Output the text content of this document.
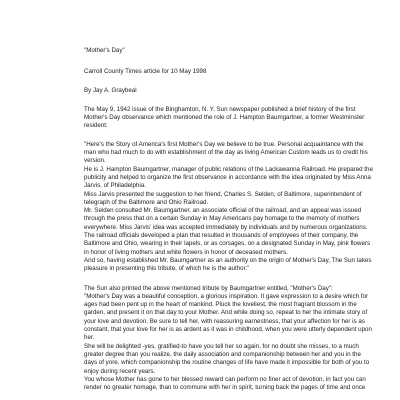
"Mother's Day"

Carroll County Times article for 10 May 1998

By Jay A. Graybeal

The May 9, 1942 issue of the Binghamton, N. Y. Sun newspaper published a brief history of the first Mother's Day observance which mentioned the role of J. Hampton Baumgartner, a former Westminster resident:

"Here's the Story of America's first Mother's Day we believe to be true. Personal acquaintance with the man who had much to do with establishment of the day as living American Custom leads us to credit his version.

He is J. Hampton Baumgartner, manager of public relations of the Lackawanna Railroad. He prepared the publicity and helped to organize the first observance in accordance with the idea originated by Miss Anna Jarvis, of Philadelphia.

Miss Jarvis presented the suggestion to her friend, Charles S. Selden, of Baltimore, superintendent of telegraph of the Baltimore and Ohio Railroad.

Mr. Selden consulted Mr. Baumgartner, an associate official of the railroad, and an appeal was issued through the press that on a certain Sunday in May Americans pay homage to the memory of mothers everywhere. Miss Jarvis' idea was accepted immediately by individuals and by numerous organizations. The railroad officials developed a plan that resulted in thousands of employees of their company, the Baltimore and Ohio, wearing in their lapels, or as corsages, on a designated Sunday in May, pink flowers in honor of living mothers and white flowers in honor of deceased mothers.

And so, having established Mr. Baumgartner as an authority on the origin of Mother's Day, The Sun takes pleasure in presenting this tribute, of which he is the author."

The Sun also printed the above mentioned tribute by Baumgartner entitled, "Mother's Day":

"Mother's Day was a beautiful conception, a glorious inspiration. It gave expression to a desire which for ages had been pent up in the heart of mankind. Pluck the loveliest, the most fragrant blossom in the garden, and present it on that day to your Mother. And while doing so, repeat to her the intimate story of your love and devotion. Be sure to tell her, with reassuring earnestness, that your affection for her is as constant, that your love for her is as ardent as it was in childhood, when you were utterly dependent upon her.

She will be delighted -yes, gratified-to have you tell her so again, for no doubt she misses, to a much greater degree than you realize, the daily association and companionship between her and you in the days of yore, which companionship the routine changes of life have made it impossible for both of you to enjoy during recent years.

You whose Mother has gone to her blessed reward can perform no finer act of devotion, in fact you can render no greater homage, than to commune with her in spirit, turning back the pages of time and once
